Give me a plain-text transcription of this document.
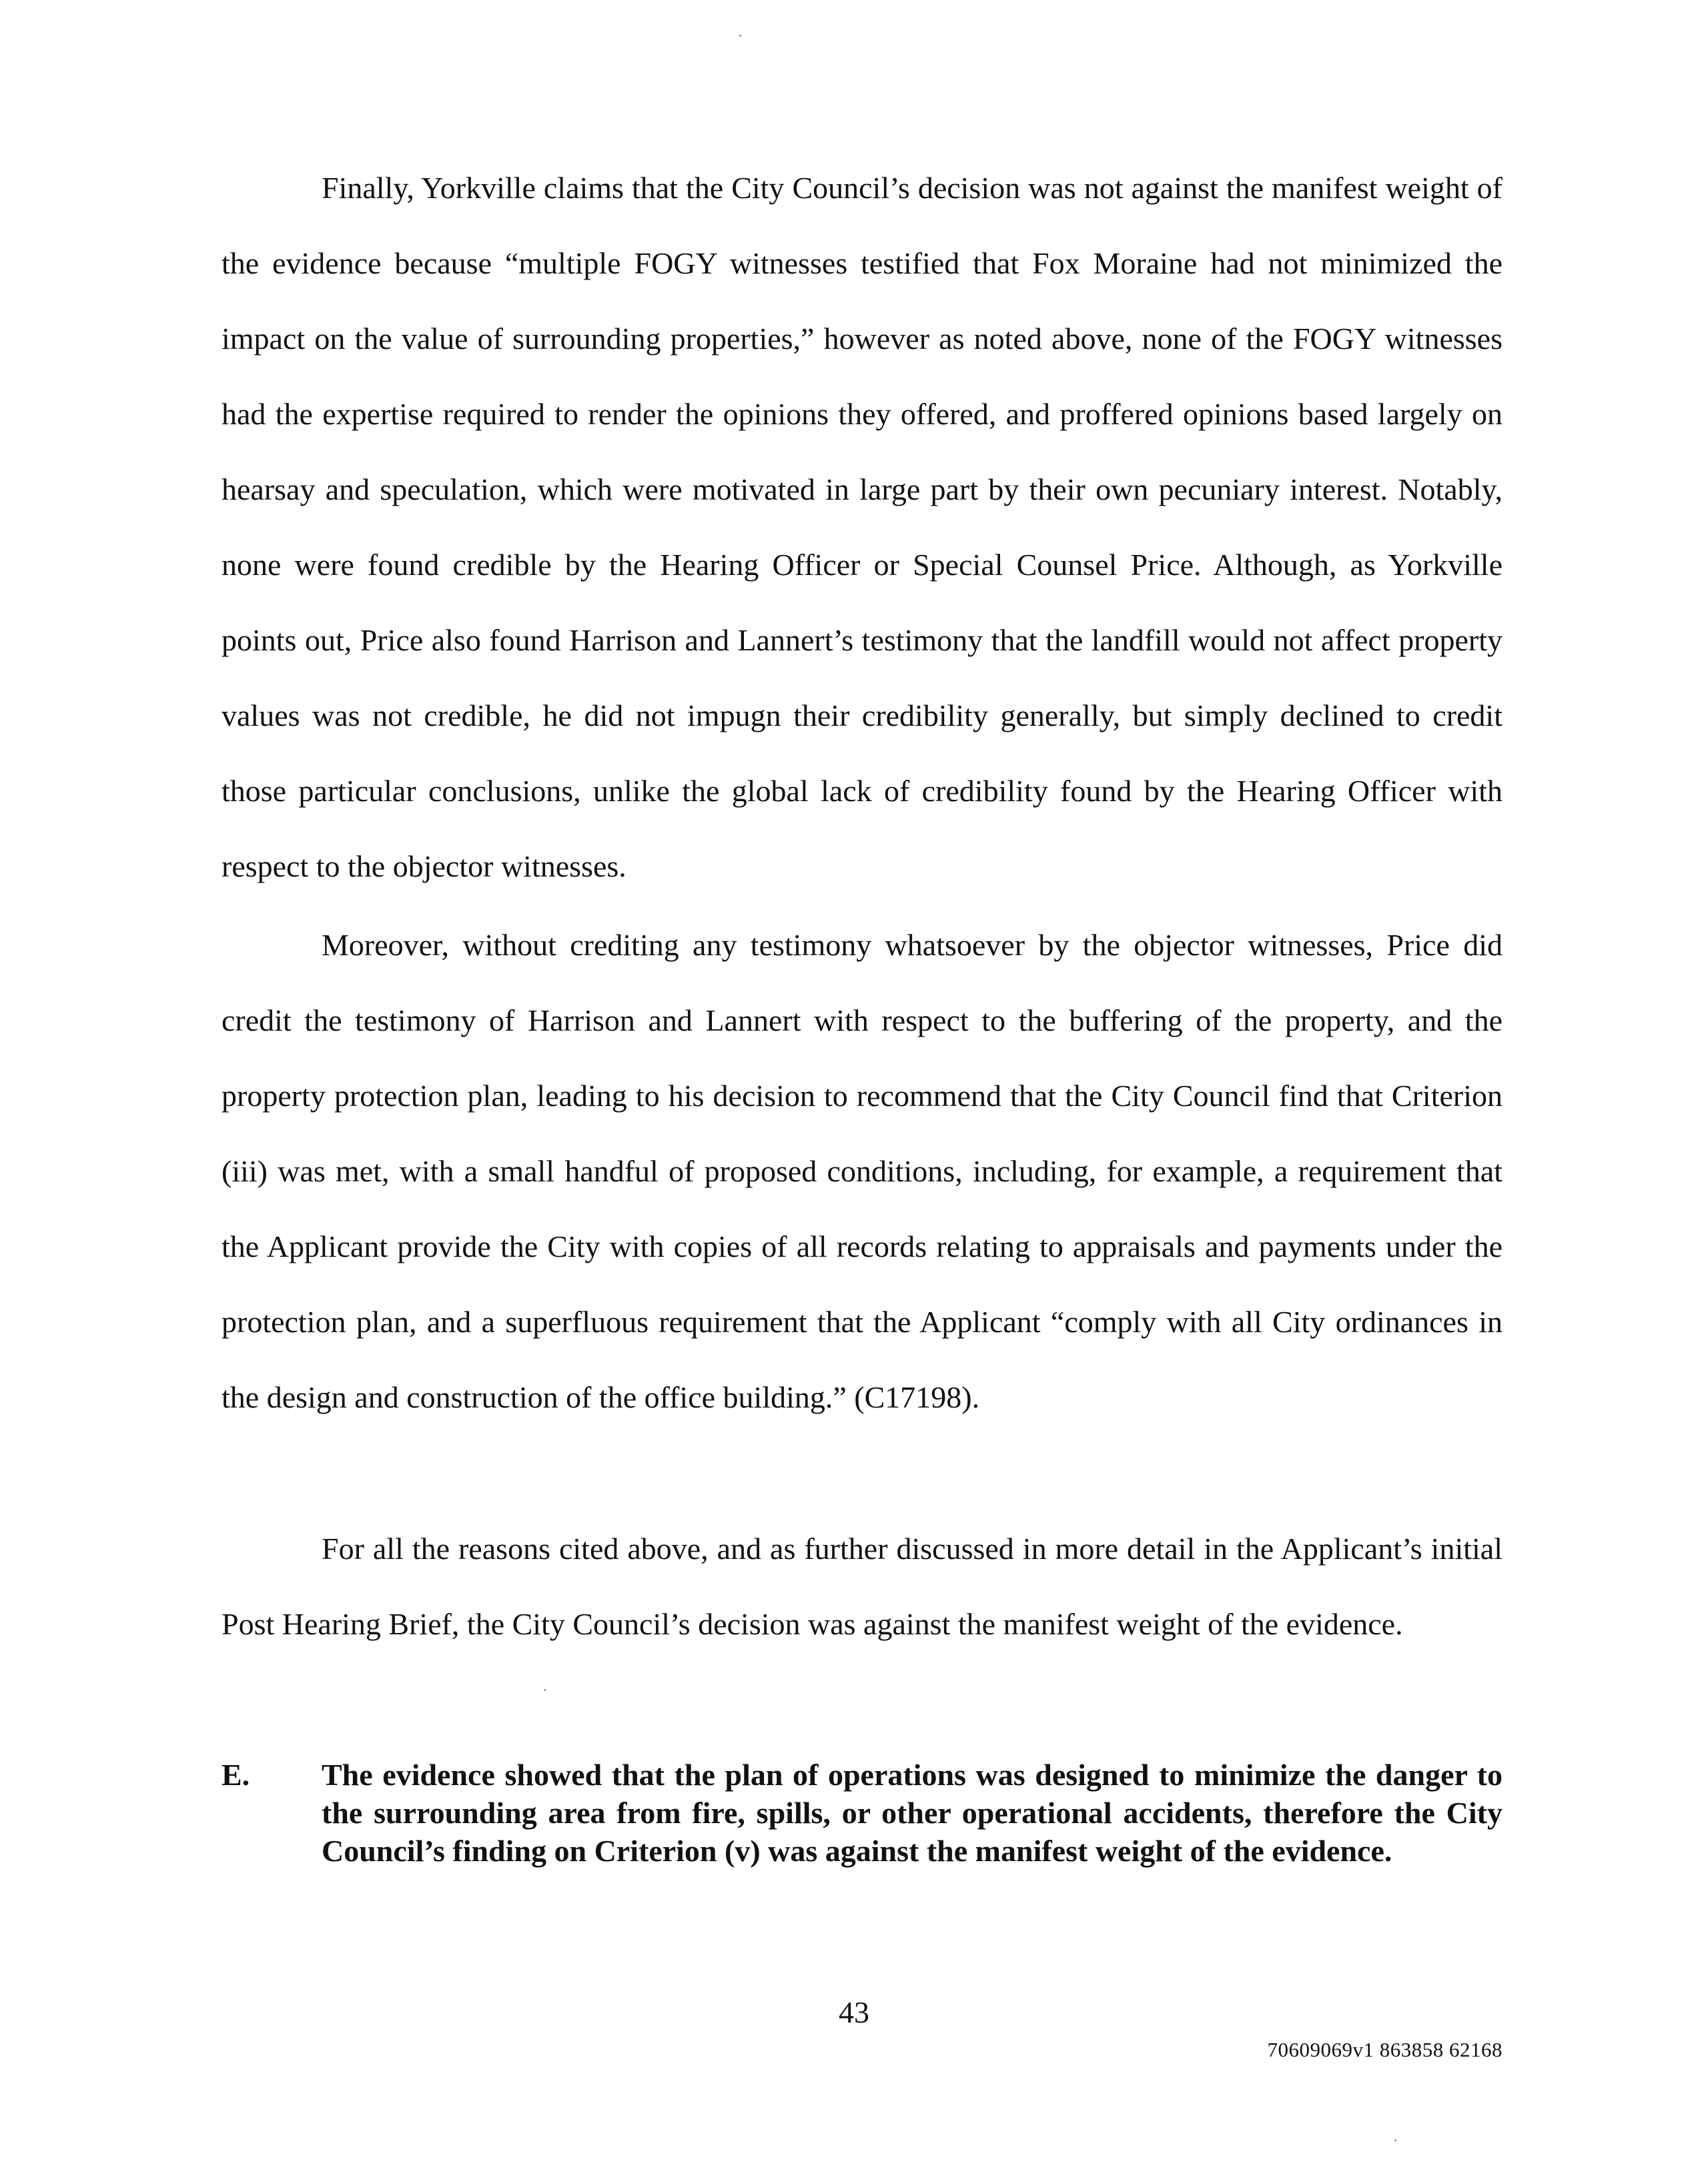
Finally, Yorkville claims that the City Council’s decision was not against the manifest weight of the evidence because “multiple FOGY witnesses testified that Fox Moraine had not minimized the impact on the value of surrounding properties,” however as noted above, none of the FOGY witnesses had the expertise required to render the opinions they offered, and proffered opinions based largely on hearsay and speculation, which were motivated in large part by their own pecuniary interest. Notably, none were found credible by the Hearing Officer or Special Counsel Price. Although, as Yorkville points out, Price also found Harrison and Lannert’s testimony that the landfill would not affect property values was not credible, he did not impugn their credibility generally, but simply declined to credit those particular conclusions, unlike the global lack of credibility found by the Hearing Officer with respect to the objector witnesses.

Moreover, without crediting any testimony whatsoever by the objector witnesses, Price did credit the testimony of Harrison and Lannert with respect to the buffering of the property, and the property protection plan, leading to his decision to recommend that the City Council find that Criterion (iii) was met, with a small handful of proposed conditions, including, for example, a requirement that the Applicant provide the City with copies of all records relating to appraisals and payments under the protection plan, and a superfluous requirement that the Applicant “comply with all City ordinances in the design and construction of the office building.” (C17198).

For all the reasons cited above, and as further discussed in more detail in the Applicant’s initial Post Hearing Brief, the City Council’s decision was against the manifest weight of the evidence.

E.	The evidence showed that the plan of operations was designed to minimize the danger to the surrounding area from fire, spills, or other operational accidents, therefore the City Council’s finding on Criterion (v) was against the manifest weight of the evidence.
43
70609069v1 863858 62168
